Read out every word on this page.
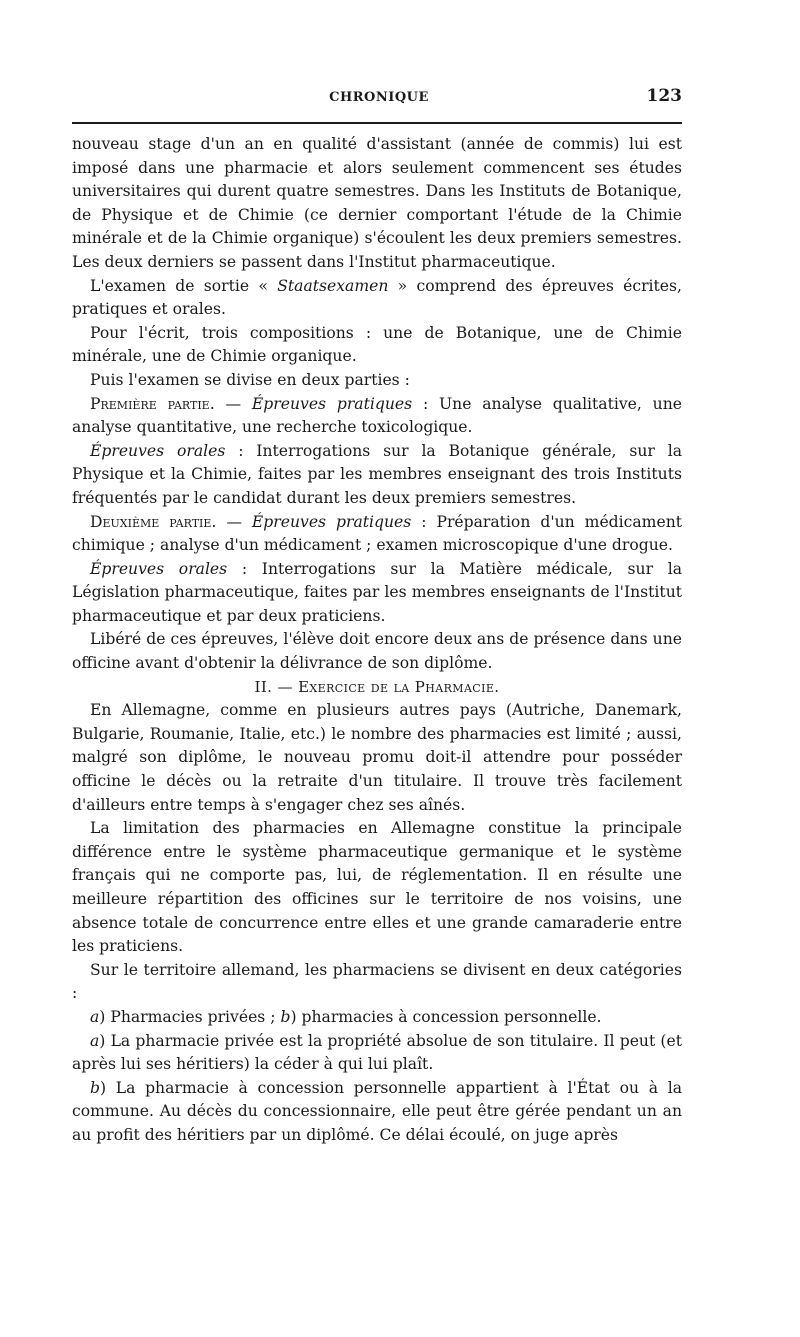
CHRONIQUE	123

nouveau stage d'un an en qualité d'assistant (année de commis) lui est imposé dans une pharmacie et alors seulement commencent ses études universitaires qui durent quatre semestres. Dans les Instituts de Botanique, de Physique et de Chimie (ce dernier comportant l'étude de la Chimie minérale et de la Chimie organique) s'écoulent les deux premiers semestres. Les deux derniers se passent dans l'Institut pharmaceutique.

L'examen de sortie « Staatsexamen » comprend des épreuves écrites, pratiques et orales.

Pour l'écrit, trois compositions : une de Botanique, une de Chimie minérale, une de Chimie organique.

Puis l'examen se divise en deux parties :

Première partie. — Épreuves pratiques : Une analyse qualitative, une analyse quantitative, une recherche toxicologique.

Épreuves orales : Interrogations sur la Botanique générale, sur la Physique et la Chimie, faites par les membres enseignant des trois Instituts fréquentés par le candidat durant les deux premiers semestres.

Deuxième partie. — Épreuves pratiques : Préparation d'un médicament chimique ; analyse d'un médicament ; examen microscopique d'une drogue.

Épreuves orales : Interrogations sur la Matière médicale, sur la Législation pharmaceutique, faites par les membres enseignants de l'Institut pharmaceutique et par deux praticiens.

Libéré de ces épreuves, l'élève doit encore deux ans de présence dans une officine avant d'obtenir la délivrance de son diplôme.

II. — Exercice de la Pharmacie.

En Allemagne, comme en plusieurs autres pays (Autriche, Danemark, Bulgarie, Roumanie, Italie, etc.) le nombre des pharmacies est limité ; aussi, malgré son diplôme, le nouveau promu doit-il attendre pour posséder officine le décès ou la retraite d'un titulaire. Il trouve très facilement d'ailleurs entre temps à s'engager chez ses aînés.

La limitation des pharmacies en Allemagne constitue la principale différence entre le système pharmaceutique germanique et le système français qui ne comporte pas, lui, de réglementation. Il en résulte une meilleure répartition des officines sur le territoire de nos voisins, une absence totale de concurrence entre elles et une grande camaraderie entre les praticiens.

Sur le territoire allemand, les pharmaciens se divisent en deux catégories :

a) Pharmacies privées ; b) pharmacies à concession personnelle.

a) La pharmacie privée est la propriété absolue de son titulaire. Il peut (et après lui ses héritiers) la céder à qui lui plaît.

b) La pharmacie à concession personnelle appartient à l'État ou à la commune. Au décès du concessionnaire, elle peut être gérée pendant un an au profit des héritiers par un diplômé. Ce délai écoulé, on juge après
